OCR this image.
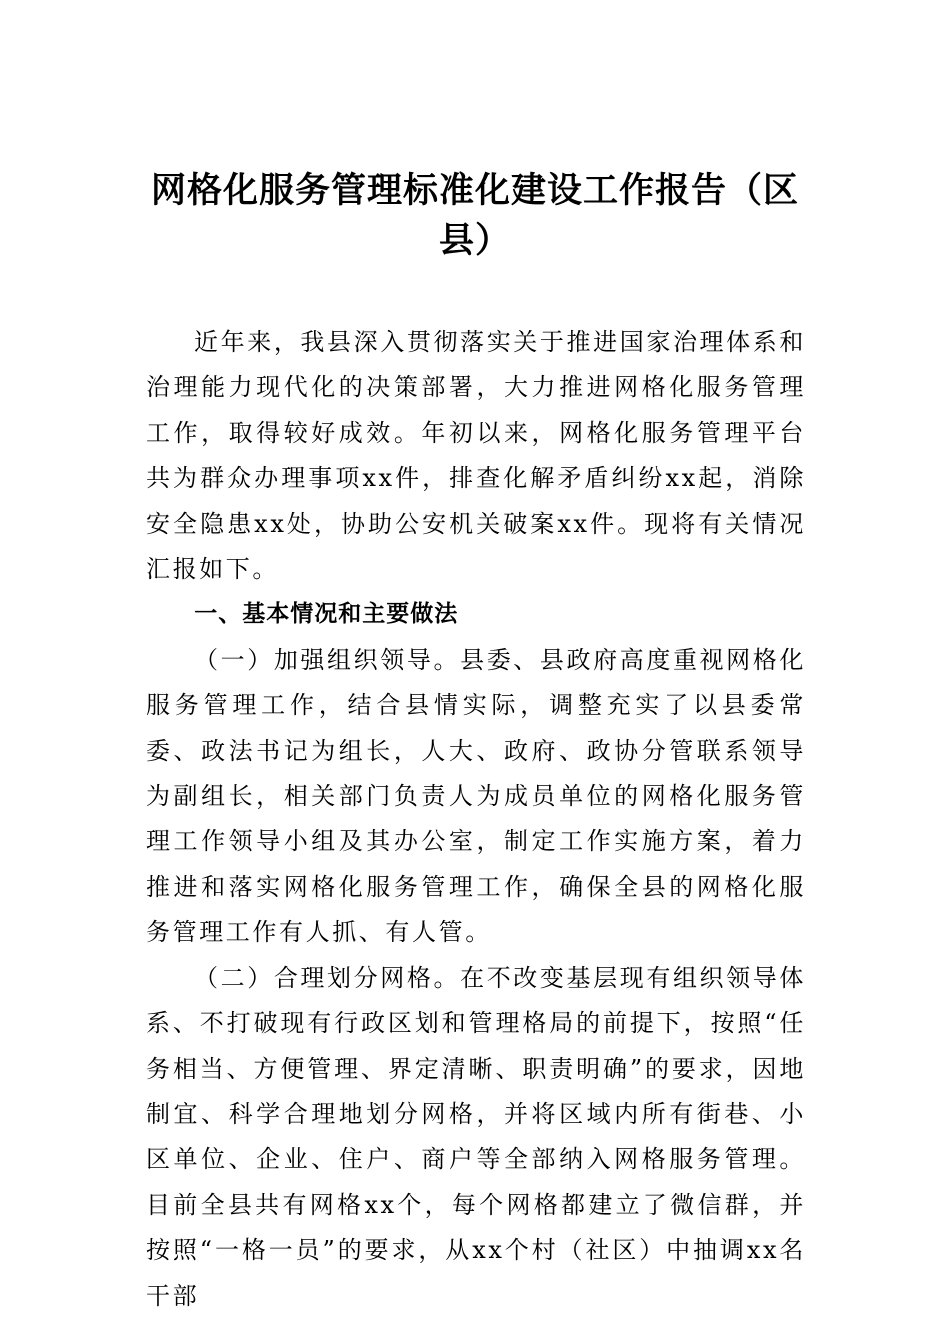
网格化服务管理标准化建设工作报告（区县）

近年来，我县深入贯彻落实关于推进国家治理体系和治理能力现代化的决策部署，大力推进网格化服务管理工作，取得较好成效。年初以来，网格化服务管理平台共为群众办理事项xx件，排查化解矛盾纠纷xx起，消除安全隐患xx处，协助公安机关破案xx件。现将有关情况汇报如下。

一、基本情况和主要做法

（一）加强组织领导。县委、县政府高度重视网格化服务管理工作，结合县情实际，调整充实了以县委常委、政法书记为组长，人大、政府、政协分管联系领导为副组长，相关部门负责人为成员单位的网格化服务管理工作领导小组及其办公室，制定工作实施方案，着力推进和落实网格化服务管理工作，确保全县的网格化服务管理工作有人抓、有人管。

（二）合理划分网格。在不改变基层现有组织领导体系、不打破现有行政区划和管理格局的前提下，按照“任务相当、方便管理、界定清晰、职责明确”的要求，因地制宜、科学合理地划分网格，并将区域内所有街巷、小区单位、企业、住户、商户等全部纳入网格服务管理。目前全县共有网格xx个，每个网格都建立了微信群，并按照“一格一员”的要求，从xx个村（社区）中抽调xx名干部
